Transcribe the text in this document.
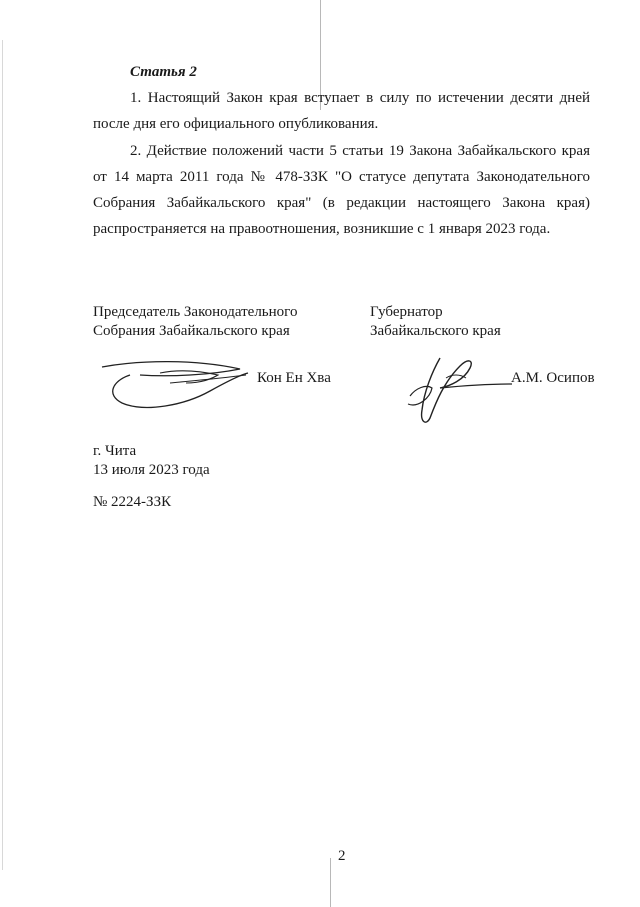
Статья 2

1. Настоящий Закон края вступает в силу по истечении десяти дней после дня его официального опубликования.

2. Действие положений части 5 статьи 19 Закона Забайкальского края от 14 марта 2011 года № 478-ЗЗК "О статусе депутата Законодательного Собрания Забайкальского края" (в редакции настоящего Закона края) распространяется на правоотношения, возникшие с 1 января 2023 года.

Председатель Законодательного
Собрания Забайкальского края
Губернатор
Забайкальского края
Кон Ен Хва	А.М. Осипов
г. Чита
13 июля 2023 года
№ 2224-ЗЗК
2
